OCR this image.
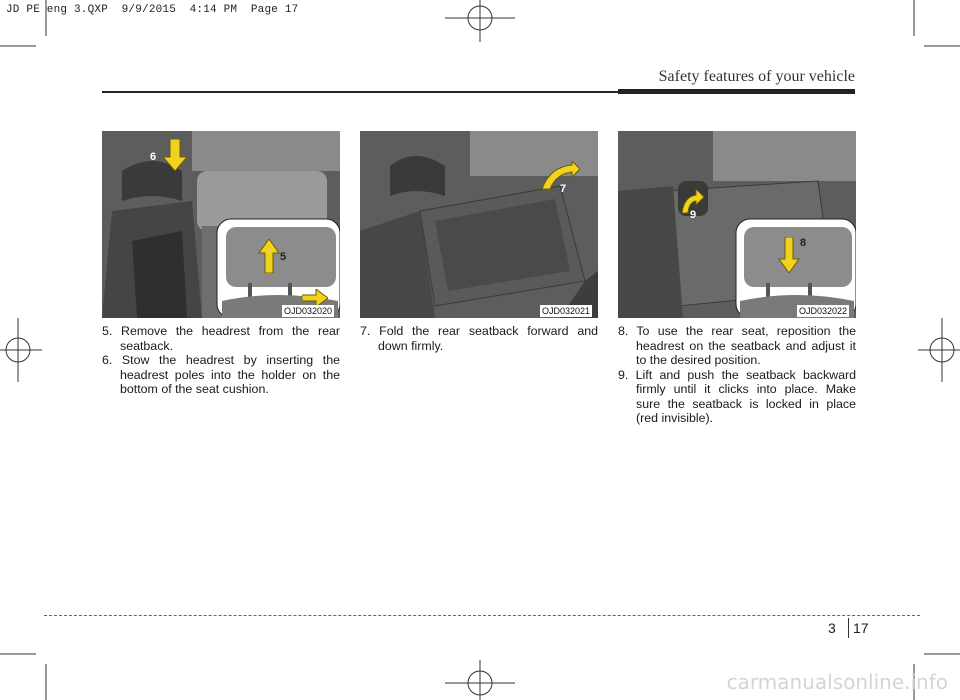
JD PE eng 3.QXP  9/9/2015  4:14 PM  Page 17
Safety features of your vehicle
6
5
OJD032020
7
OJD032021
9
8
OJD032022

5. Remove the headrest from the rear seatback.

6. Stow the headrest by inserting the headrest poles into the holder on the bottom of the seat cushion.

7. Fold the rear seatback forward and down firmly.

8. To use the rear seat, reposition the headrest on the seatback and adjust it to the desired position.

9. Lift and push the seatback backward firmly until it clicks into place. Make sure the seatback is locked in place (red invisible).

3 17
carmanualsonline.info
